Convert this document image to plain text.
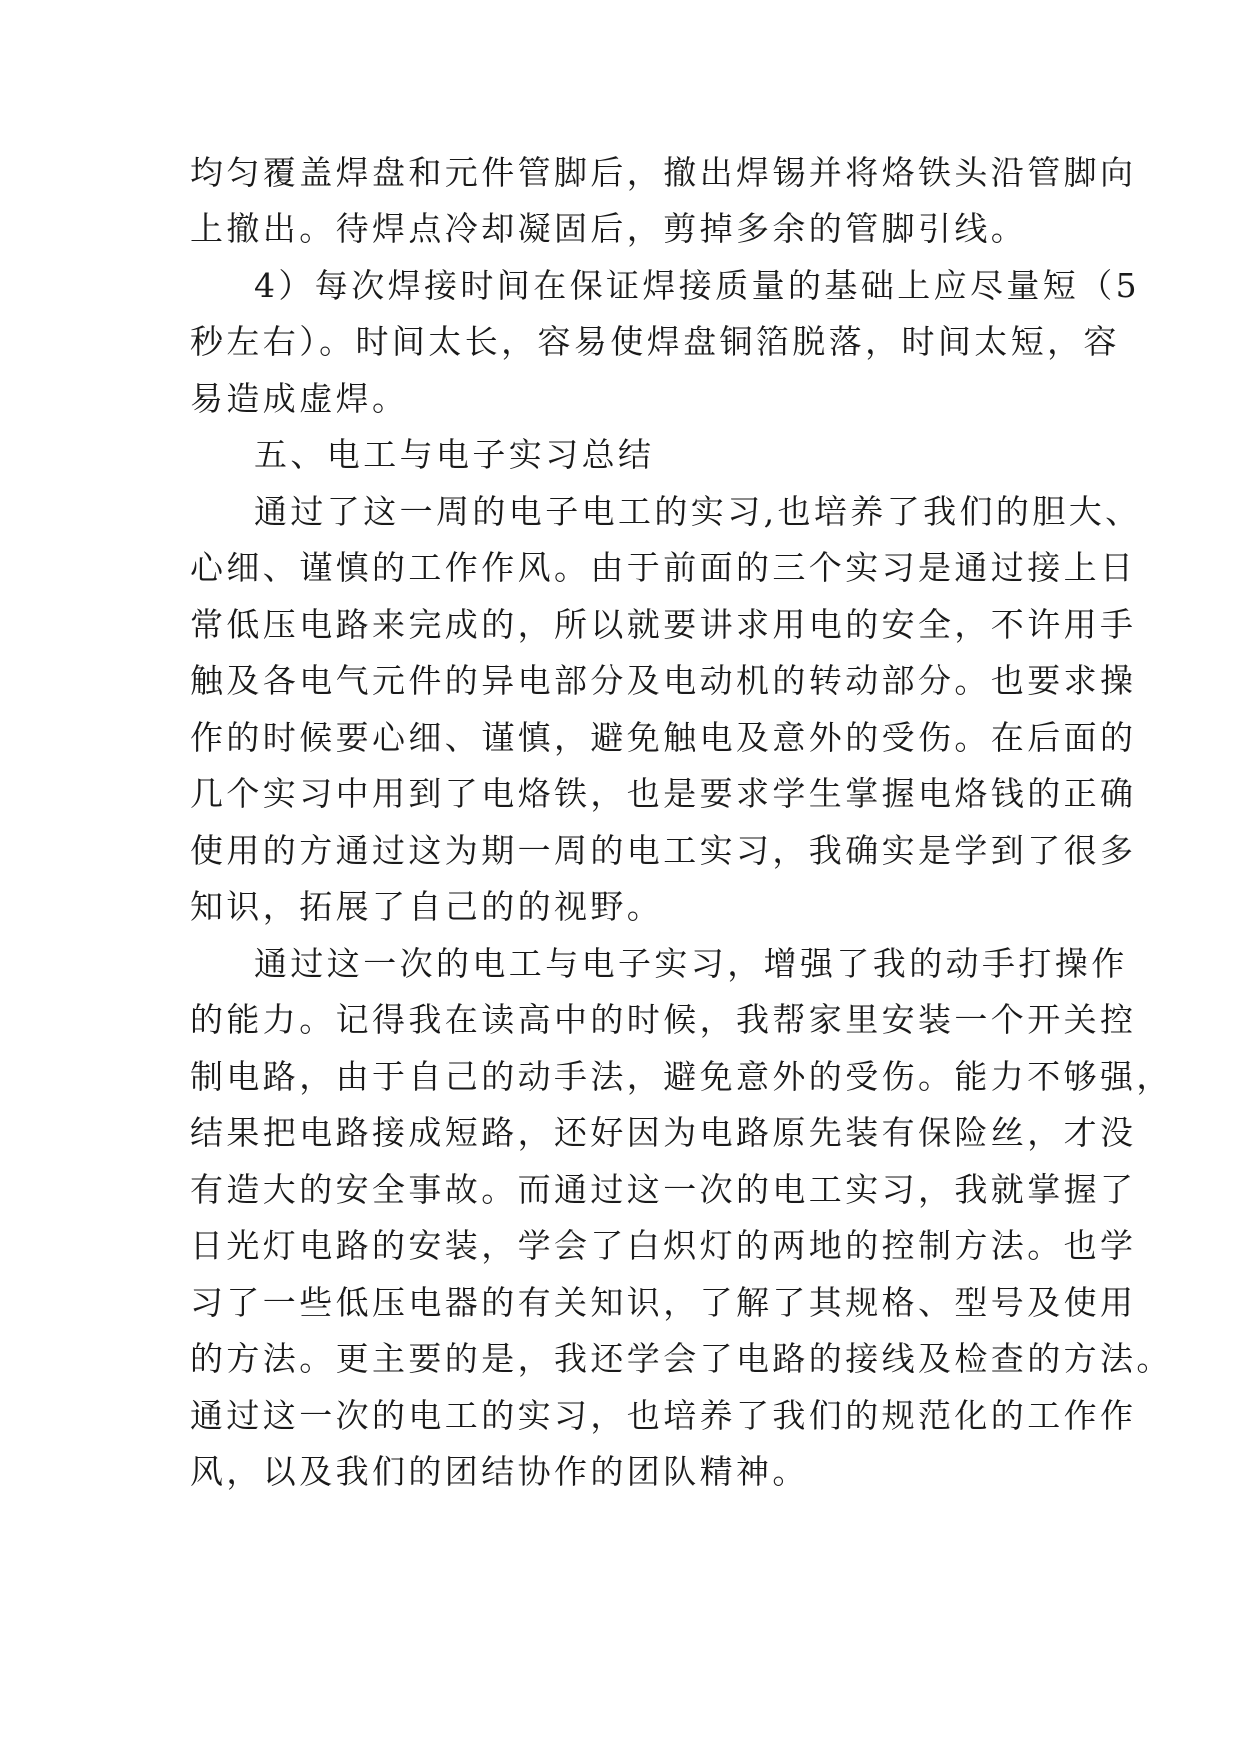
均匀覆盖焊盘和元件管脚后，撤出焊锡并将烙铁头沿管脚向
上撤出。待焊点冷却凝固后，剪掉多余的管脚引线。
4）每次焊接时间在保证焊接质量的基础上应尽量短（5
秒左右）。时间太长，容易使焊盘铜箔脱落，时间太短，容
易造成虚焊。
五、电工与电子实习总结
通过了这一周的电子电工的实习,也培养了我们的胆大、
心细、谨慎的工作作风。由于前面的三个实习是通过接上日
常低压电路来完成的，所以就要讲求用电的安全，不许用手
触及各电气元件的异电部分及电动机的转动部分。也要求操
作的时候要心细、谨慎，避免触电及意外的受伤。在后面的
几个实习中用到了电烙铁，也是要求学生掌握电烙钱的正确
使用的方通过这为期一周的电工实习，我确实是学到了很多
知识，拓展了自己的的视野。
通过这一次的电工与电子实习，增强了我的动手打操作
的能力。记得我在读高中的时候，我帮家里安装一个开关控
制电路，由于自己的动手法，避免意外的受伤。能力不够强，
结果把电路接成短路，还好因为电路原先装有保险丝，才没
有造大的安全事故。而通过这一次的电工实习，我就掌握了
日光灯电路的安装，学会了白炽灯的两地的控制方法。也学
习了一些低压电器的有关知识，了解了其规格、型号及使用
的方法。更主要的是，我还学会了电路的接线及检查的方法。
通过这一次的电工的实习，也培养了我们的规范化的工作作
风，以及我们的团结协作的团队精神。
